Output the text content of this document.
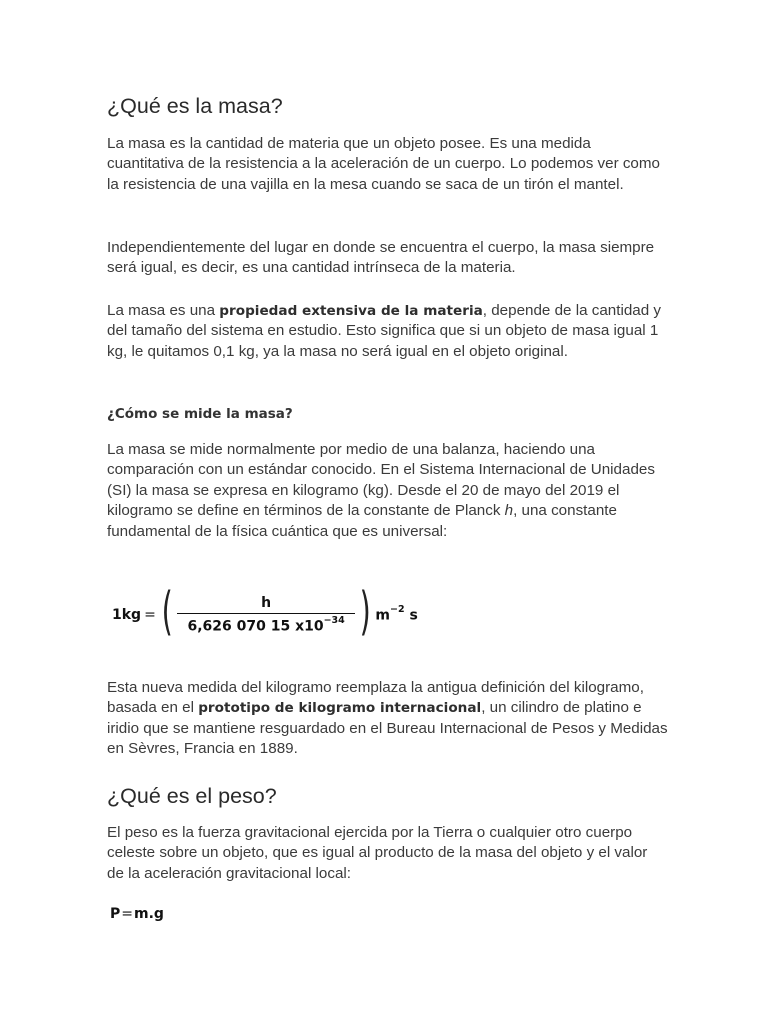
¿Qué es la masa?

La masa es la cantidad de materia que un objeto posee. Es una medida cuantitativa de la resistencia a la aceleración de un cuerpo. Lo podemos ver como la resistencia de una vajilla en la mesa cuando se saca de un tirón el mantel.

Independientemente del lugar en donde se encuentra el cuerpo, la masa siempre será igual, es decir, es una cantidad intrínseca de la materia.

La masa es una propiedad extensiva de la materia, depende de la cantidad y del tamaño del sistema en estudio. Esto significa que si un objeto de masa igual 1 kg, le quitamos 0,1 kg, ya la masa no será igual en el objeto original.

¿Cómo se mide la masa?

La masa se mide normalmente por medio de una balanza, haciendo una comparación con un estándar conocido. En el Sistema Internacional de Unidades (SI) la masa se expresa en kilogramo (kg). Desde el 20 de mayo del 2019 el kilogramo se define en términos de la constante de Planck h, una constante fundamental de la física cuántica que es universal:

1kg = ( $\frac{h}{6,626 070 15 x10^{-34}}$ ) $m^{-2}$ s

Esta nueva medida del kilogramo reemplaza la antigua definición del kilogramo, basada en el prototipo de kilogramo internacional, un cilindro de platino e iridio que se mantiene resguardado en el Bureau Internacional de Pesos y Medidas en Sèvres, Francia en 1889.

¿Qué es el peso?

El peso es la fuerza gravitacional ejercida por la Tierra o cualquier otro cuerpo celeste sobre un objeto, que es igual al producto de la masa del objeto y el valor de la aceleración gravitacional local:

P=m.g
